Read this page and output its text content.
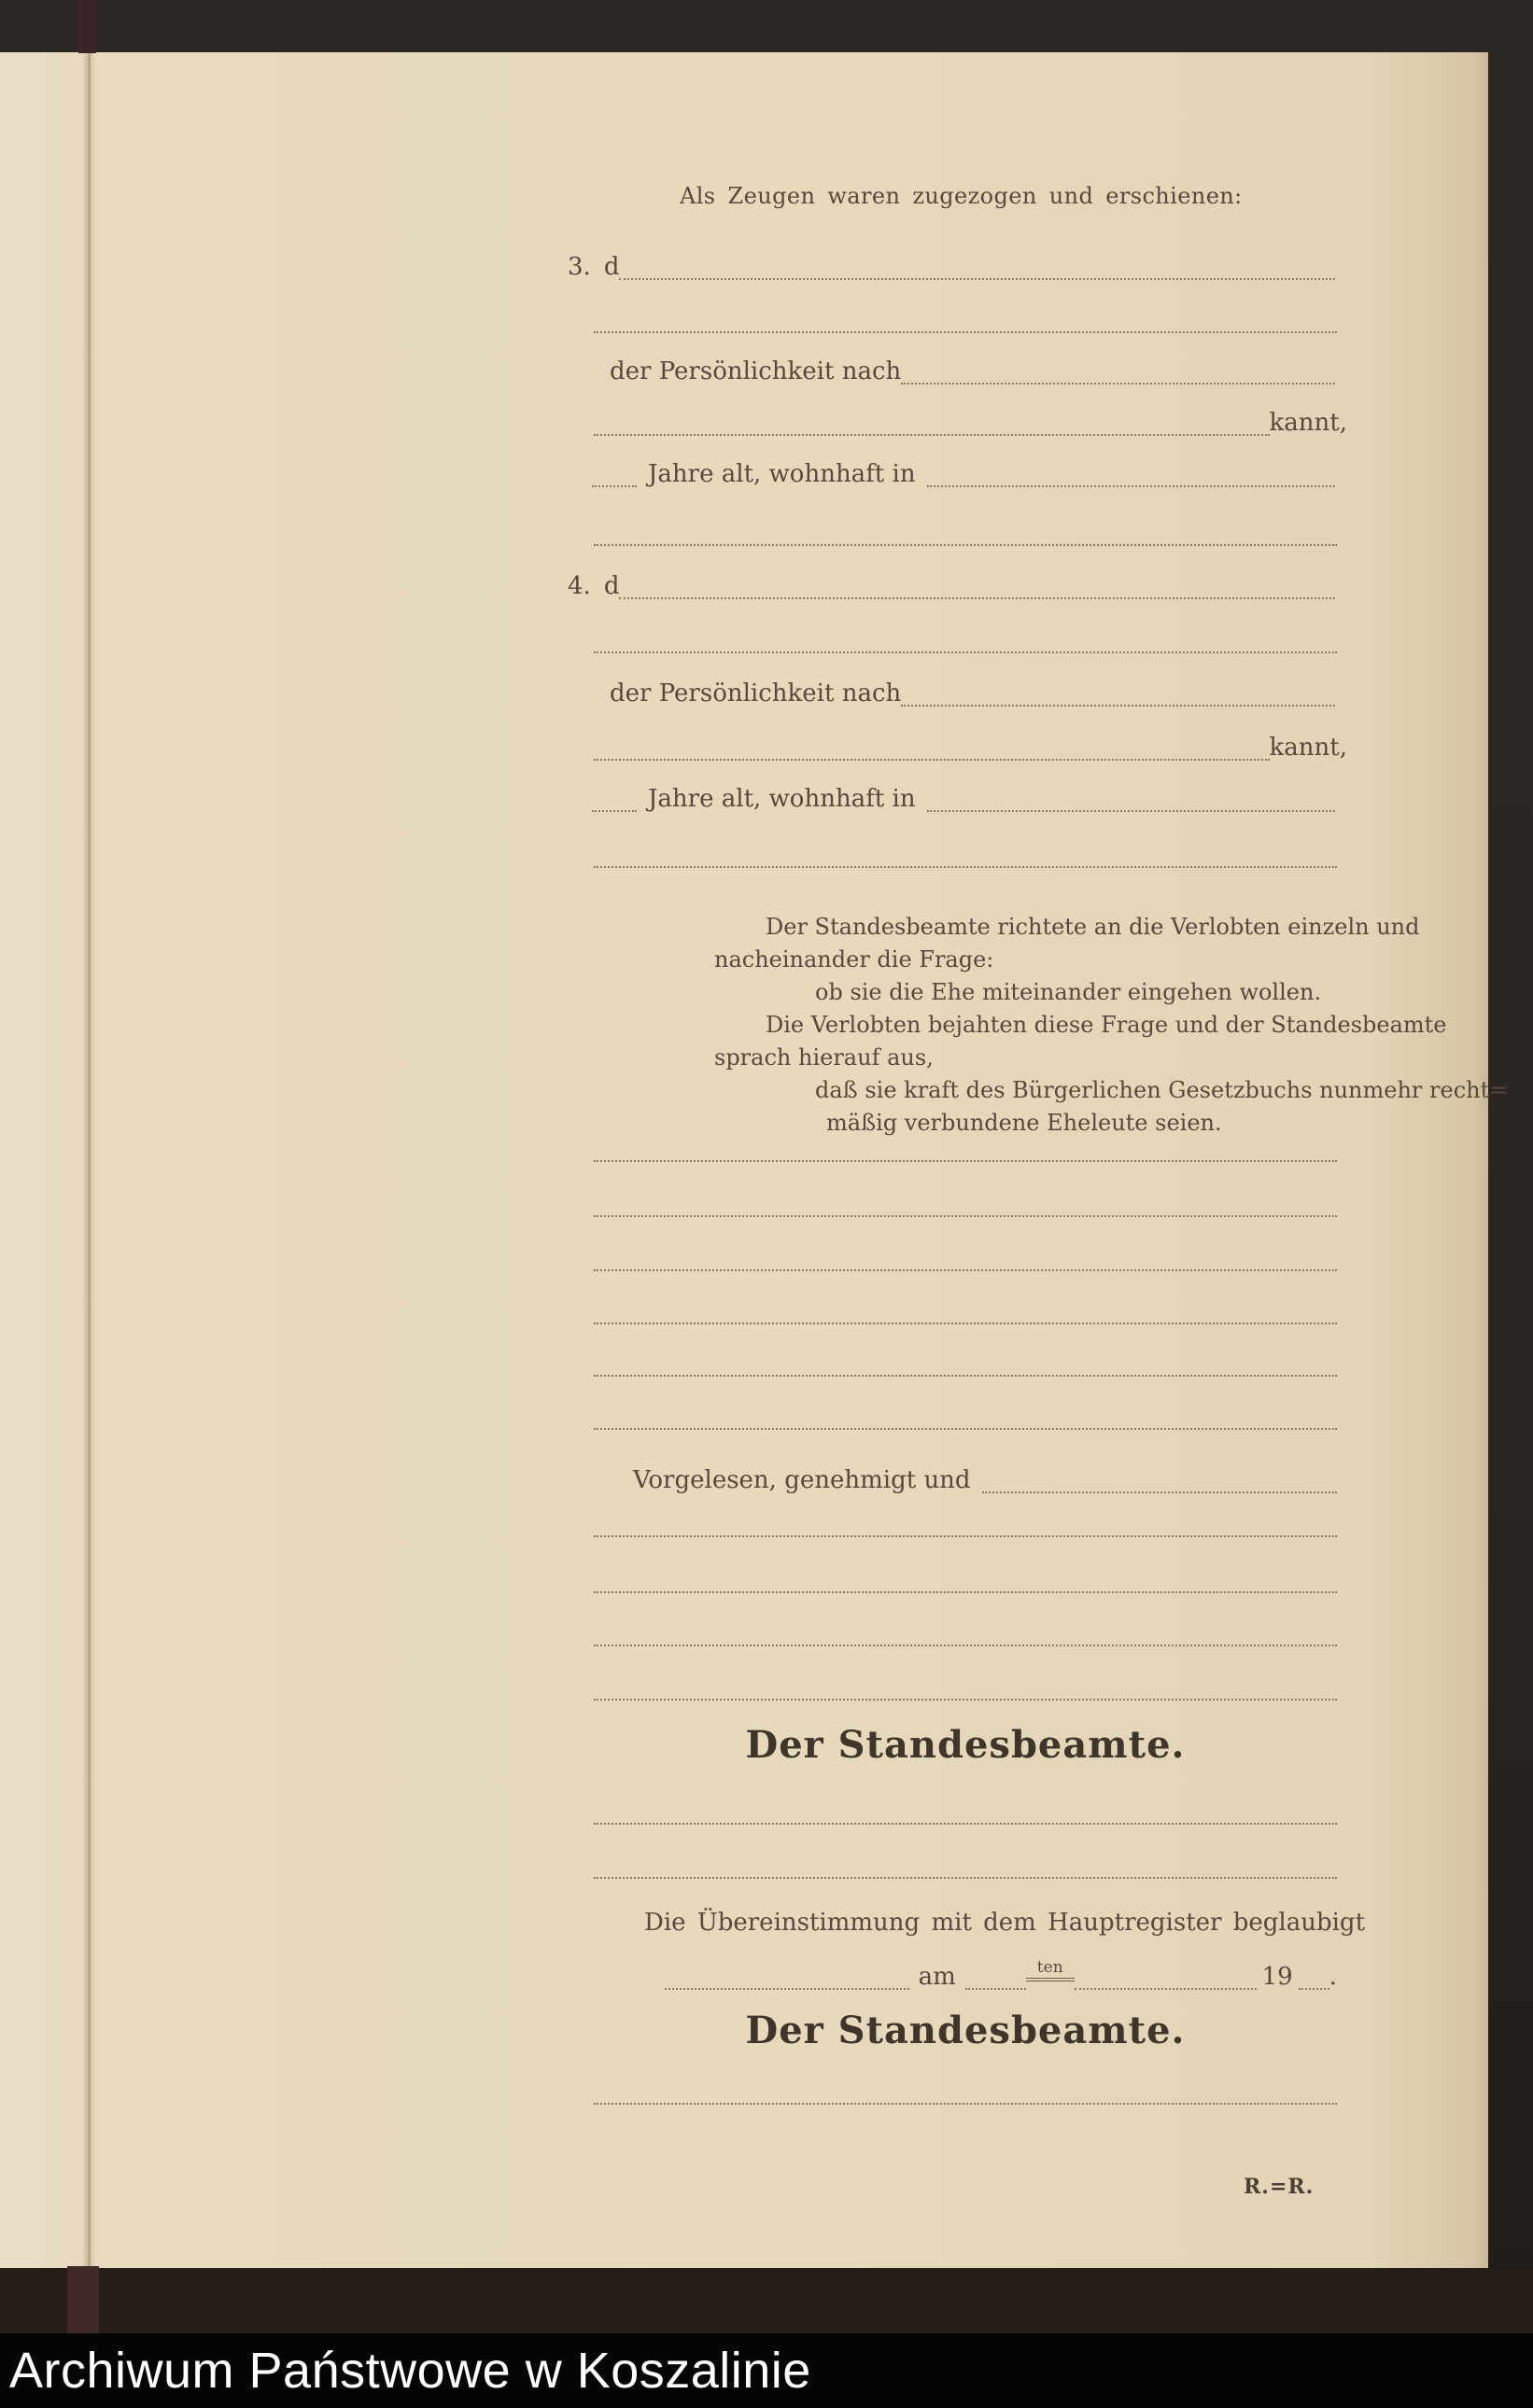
Als Zeugen waren zugezogen und erschienen:
3. d
der Persönlichkeit nach
kannt,
Jahre alt, wohnhaft in
4. d
der Persönlichkeit nach
kannt,
Jahre alt, wohnhaft in
Der Standesbeamte richtete an die Verlobten einzeln und
nacheinander die Frage:
ob sie die Ehe miteinander eingehen wollen.
Die Verlobten bejahten diese Frage und der Standesbeamte
sprach hierauf aus,
daß sie kraft des Bürgerlichen Gesetzbuchs nunmehr recht=
mäßig verbundene Eheleute seien.
Vorgelesen, genehmigt und
Der Standesbeamte.
Die Übereinstimmung mit dem Hauptregister beglaubigt
am	ten	19 .
Der Standesbeamte.
R.=R.
Archiwum Państwowe w Koszalinie
